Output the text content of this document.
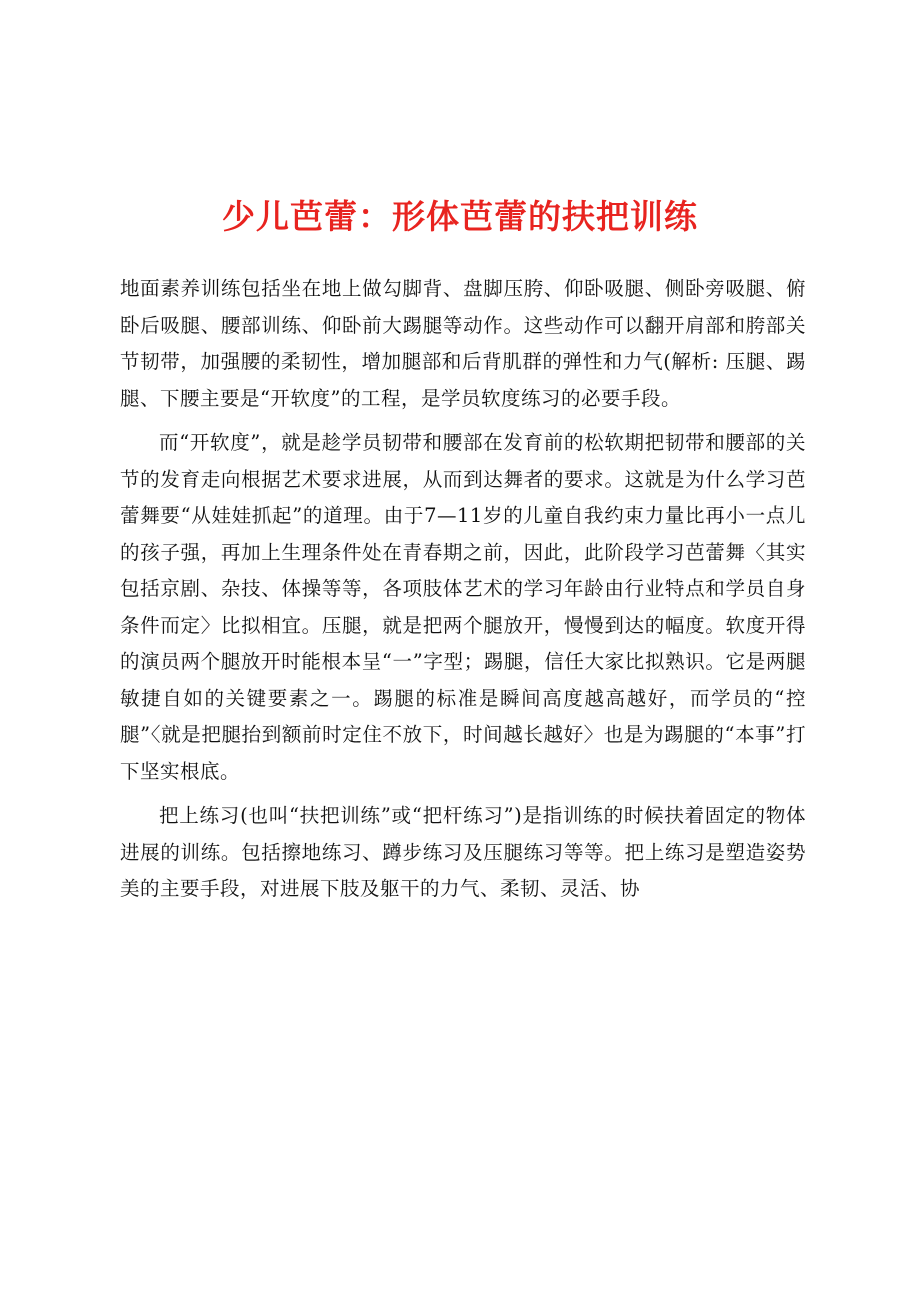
少儿芭蕾：形体芭蕾的扶把训练

地面素养训练包括坐在地上做勾脚背、盘脚压胯、仰卧吸腿、侧卧旁吸腿、俯卧后吸腿、腰部训练、仰卧前大踢腿等动作。这些动作可以翻开肩部和胯部关节韧带，加强腰的柔韧性，增加腿部和后背肌群的弹性和力气(解析: 压腿、踢腿、下腰主要是“开软度”的工程，是学员软度练习的必要手段。

而“开软度”，就是趁学员韧带和腰部在发育前的松软期把韧带和腰部的关节的发育走向根据艺术要求进展，从而到达舞者的要求。这就是为什么学习芭蕾舞要“从娃娃抓起”的道理。由于7—11岁的儿童自我约束力量比再小一点儿的孩子强，再加上生理条件处在青春期之前，因此，此阶段学习芭蕾舞〈其实包括京剧、杂技、体操等等，各项肢体艺术的学习年龄由行业特点和学员自身条件而定〉比拟相宜。压腿，就是把两个腿放开，慢慢到达的幅度。软度开得的演员两个腿放开时能根本呈“一”字型；踢腿，信任大家比拟熟识。它是两腿敏捷自如的关键要素之一。踢腿的标准是瞬间高度越高越好，而学员的“控腿”〈就是把腿抬到额前时定住不放下，时间越长越好〉也是为踢腿的“本事”打下坚实根底。

把上练习(也叫“扶把训练”或“把杆练习”)是指训练的时候扶着固定的物体进展的训练。包括擦地练习、蹲步练习及压腿练习等等。把上练习是塑造姿势美的主要手段，对进展下肢及躯干的力气、柔韧、灵活、协
